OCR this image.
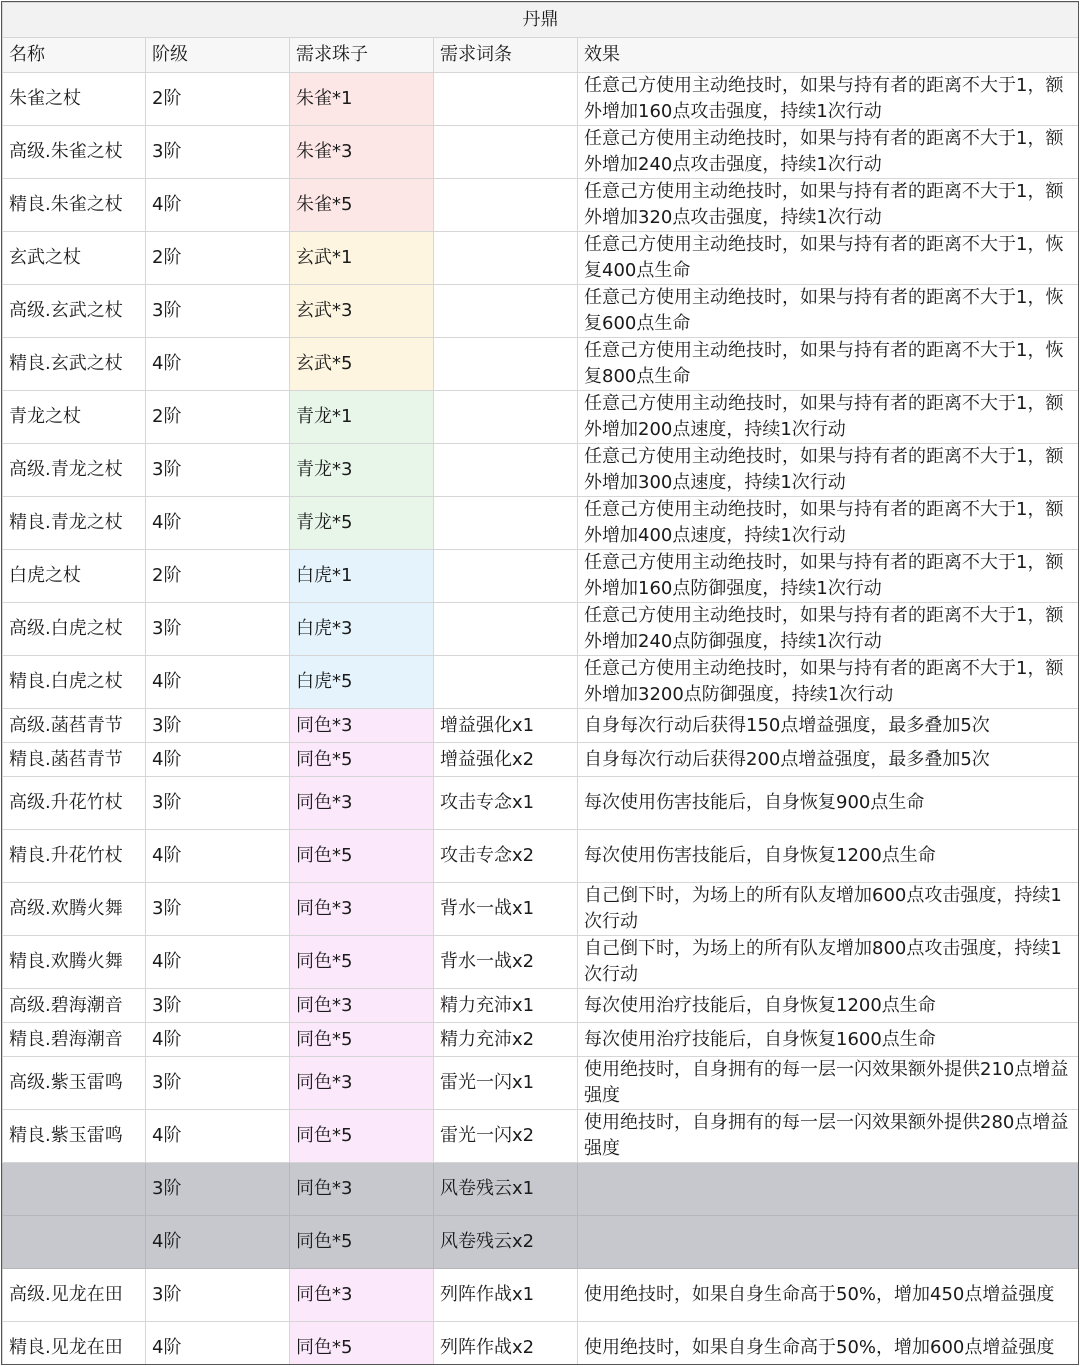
丹鼎				
名称	阶级	需求珠子	需求词条	效果
朱雀之杖	2阶	朱雀*1		任意己方使用主动绝技时，如果与持有者的距离不大于1，额外增加160点攻击强度，持续1次行动
高级.朱雀之杖	3阶	朱雀*3		任意己方使用主动绝技时，如果与持有者的距离不大于1，额外增加240点攻击强度，持续1次行动
精良.朱雀之杖	4阶	朱雀*5		任意己方使用主动绝技时，如果与持有者的距离不大于1，额外增加320点攻击强度，持续1次行动
玄武之杖	2阶	玄武*1		任意己方使用主动绝技时，如果与持有者的距离不大于1，恢复400点生命
高级.玄武之杖	3阶	玄武*3		任意己方使用主动绝技时，如果与持有者的距离不大于1，恢复600点生命
精良.玄武之杖	4阶	玄武*5		任意己方使用主动绝技时，如果与持有者的距离不大于1，恢复800点生命
青龙之杖	2阶	青龙*1		任意己方使用主动绝技时，如果与持有者的距离不大于1，额外增加200点速度，持续1次行动
高级.青龙之杖	3阶	青龙*3		任意己方使用主动绝技时，如果与持有者的距离不大于1，额外增加300点速度，持续1次行动
精良.青龙之杖	4阶	青龙*5		任意己方使用主动绝技时，如果与持有者的距离不大于1，额外增加400点速度，持续1次行动
白虎之杖	2阶	白虎*1		任意己方使用主动绝技时，如果与持有者的距离不大于1，额外增加160点防御强度，持续1次行动
高级.白虎之杖	3阶	白虎*3		任意己方使用主动绝技时，如果与持有者的距离不大于1，额外增加240点防御强度，持续1次行动
精良.白虎之杖	4阶	白虎*5		任意己方使用主动绝技时，如果与持有者的距离不大于1，额外增加3200点防御强度，持续1次行动
高级.菡萏青节	3阶	同色*3	增益强化x1	自身每次行动后获得150点增益强度，最多叠加5次
精良.菡萏青节	4阶	同色*5	增益强化x2	自身每次行动后获得200点增益强度，最多叠加5次
高级.升花竹杖	3阶	同色*3	攻击专念x1	每次使用伤害技能后，自身恢复900点生命
精良.升花竹杖	4阶	同色*5	攻击专念x2	每次使用伤害技能后，自身恢复1200点生命
高级.欢腾火舞	3阶	同色*3	背水一战x1	自己倒下时，为场上的所有队友增加600点攻击强度，持续1次行动
精良.欢腾火舞	4阶	同色*5	背水一战x2	自己倒下时，为场上的所有队友增加800点攻击强度，持续1次行动
高级.碧海潮音	3阶	同色*3	精力充沛x1	每次使用治疗技能后，自身恢复1200点生命
精良.碧海潮音	4阶	同色*5	精力充沛x2	每次使用治疗技能后，自身恢复1600点生命
高级.紫玉雷鸣	3阶	同色*3	雷光一闪x1	使用绝技时，自身拥有的每一层一闪效果额外提供210点增益强度
精良.紫玉雷鸣	4阶	同色*5	雷光一闪x2	使用绝技时，自身拥有的每一层一闪效果额外提供280点增益强度
	3阶	同色*3	风卷残云x1	
	4阶	同色*5	风卷残云x2	
高级.见龙在田	3阶	同色*3	列阵作战x1	使用绝技时，如果自身生命高于50%，增加450点增益强度
精良.见龙在田	4阶	同色*5	列阵作战x2	使用绝技时，如果自身生命高于50%，增加600点增益强度
